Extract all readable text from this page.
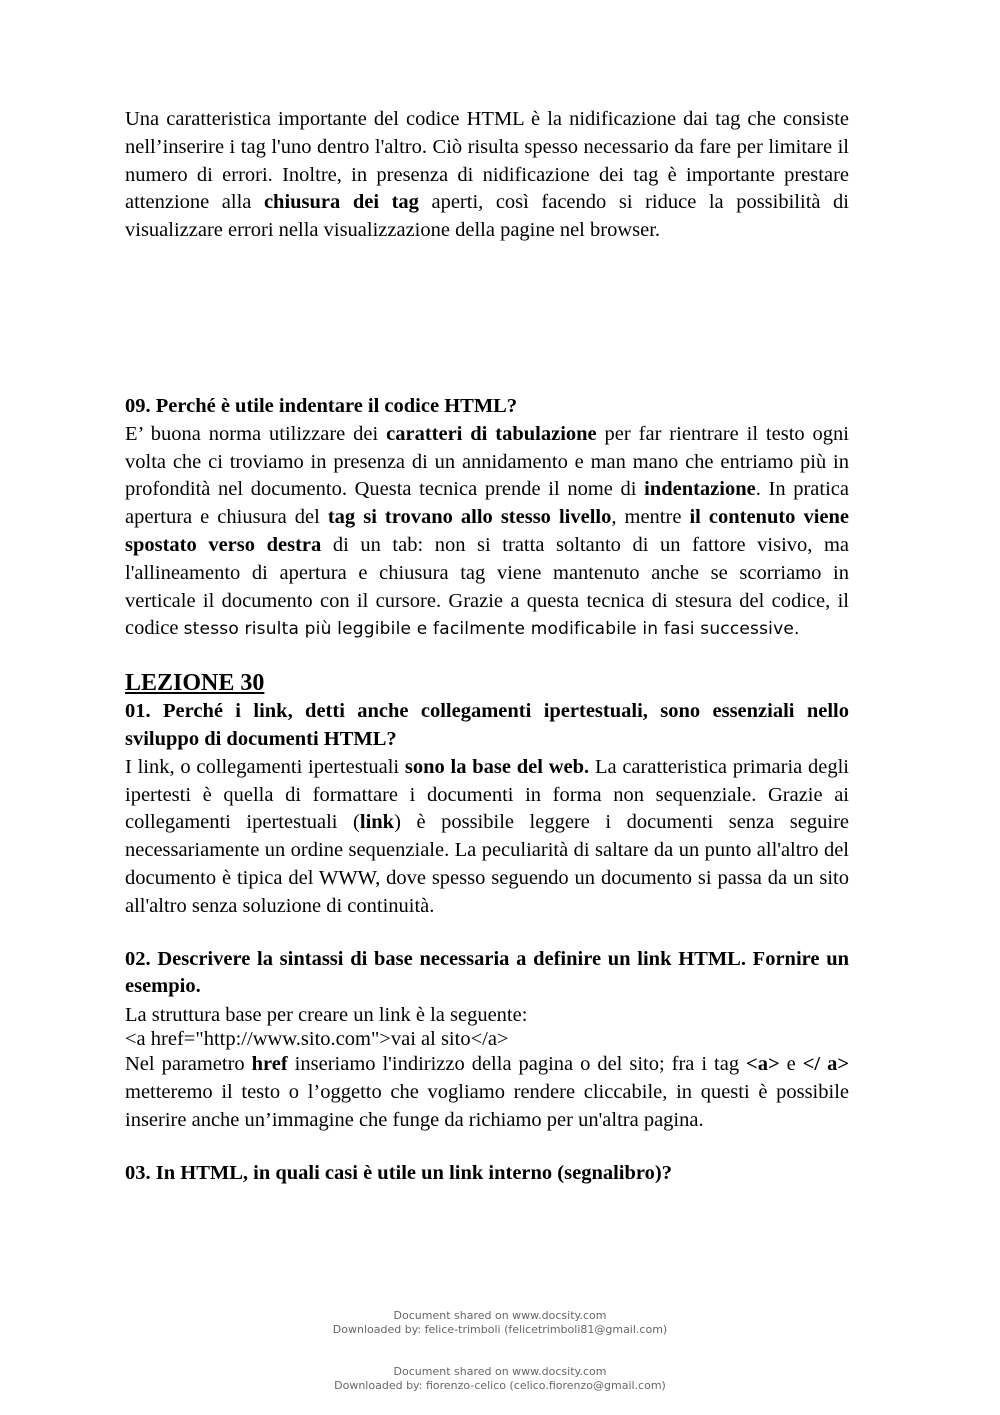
Una caratteristica importante del codice HTML è la nidificazione dai tag che consiste nell’inserire i tag l'uno dentro l'altro. Ciò risulta spesso necessario da fare per limitare il numero di errori. Inoltre, in presenza di nidificazione dei tag è importante prestare attenzione alla chiusura dei tag aperti, così facendo si riduce la possibilità di visualizzare errori nella visualizzazione della pagine nel browser.

09. Perché è utile indentare il codice HTML?

E’ buona norma utilizzare dei caratteri di tabulazione per far rientrare il testo ogni volta che ci troviamo in presenza di un annidamento e man mano che entriamo più in profondità nel documento. Questa tecnica prende il nome di indentazione. In pratica apertura e chiusura del tag si trovano allo stesso livello, mentre il contenuto viene spostato verso destra di un tab: non si tratta soltanto di un fattore visivo, ma l'allineamento di apertura e chiusura tag viene mantenuto anche se scorriamo in verticale il documento con il cursore. Grazie a questa tecnica di stesura del codice, il codice stesso risulta più leggibile e facilmente modificabile in fasi successive.

LEZIONE 30

01. Perché i link, detti anche collegamenti ipertestuali, sono essenziali nello sviluppo di documenti HTML?

I link, o collegamenti ipertestuali sono la base del web. La caratteristica primaria degli ipertesti è quella di formattare i documenti in forma non sequenziale. Grazie ai collegamenti ipertestuali (link) è possibile leggere i documenti senza seguire necessariamente un ordine sequenziale. La peculiarità di saltare da un punto all'altro del documento è tipica del WWW, dove spesso seguendo un documento si passa da un sito all'altro senza soluzione di continuità.

02. Descrivere la sintassi di base necessaria a definire un link HTML. Fornire un esempio.

La struttura base per creare un link è la seguente:

<a href="http://www.sito.com">vai al sito</a>

Nel parametro href inseriamo l'indirizzo della pagina o del sito; fra i tag <a> e </ a> metteremo il testo o l’oggetto che vogliamo rendere cliccabile, in questi è possibile inserire anche un’immagine che funge da richiamo per un'altra pagina.

03. In HTML, in quali casi è utile un link interno (segnalibro)?

Document shared on www.docsity.com
Downloaded by: felice-trimboli (felicetrimboli81@gmail.com)
Document shared on www.docsity.com
Downloaded by: fiorenzo-celico (celico.fiorenzo@gmail.com)
